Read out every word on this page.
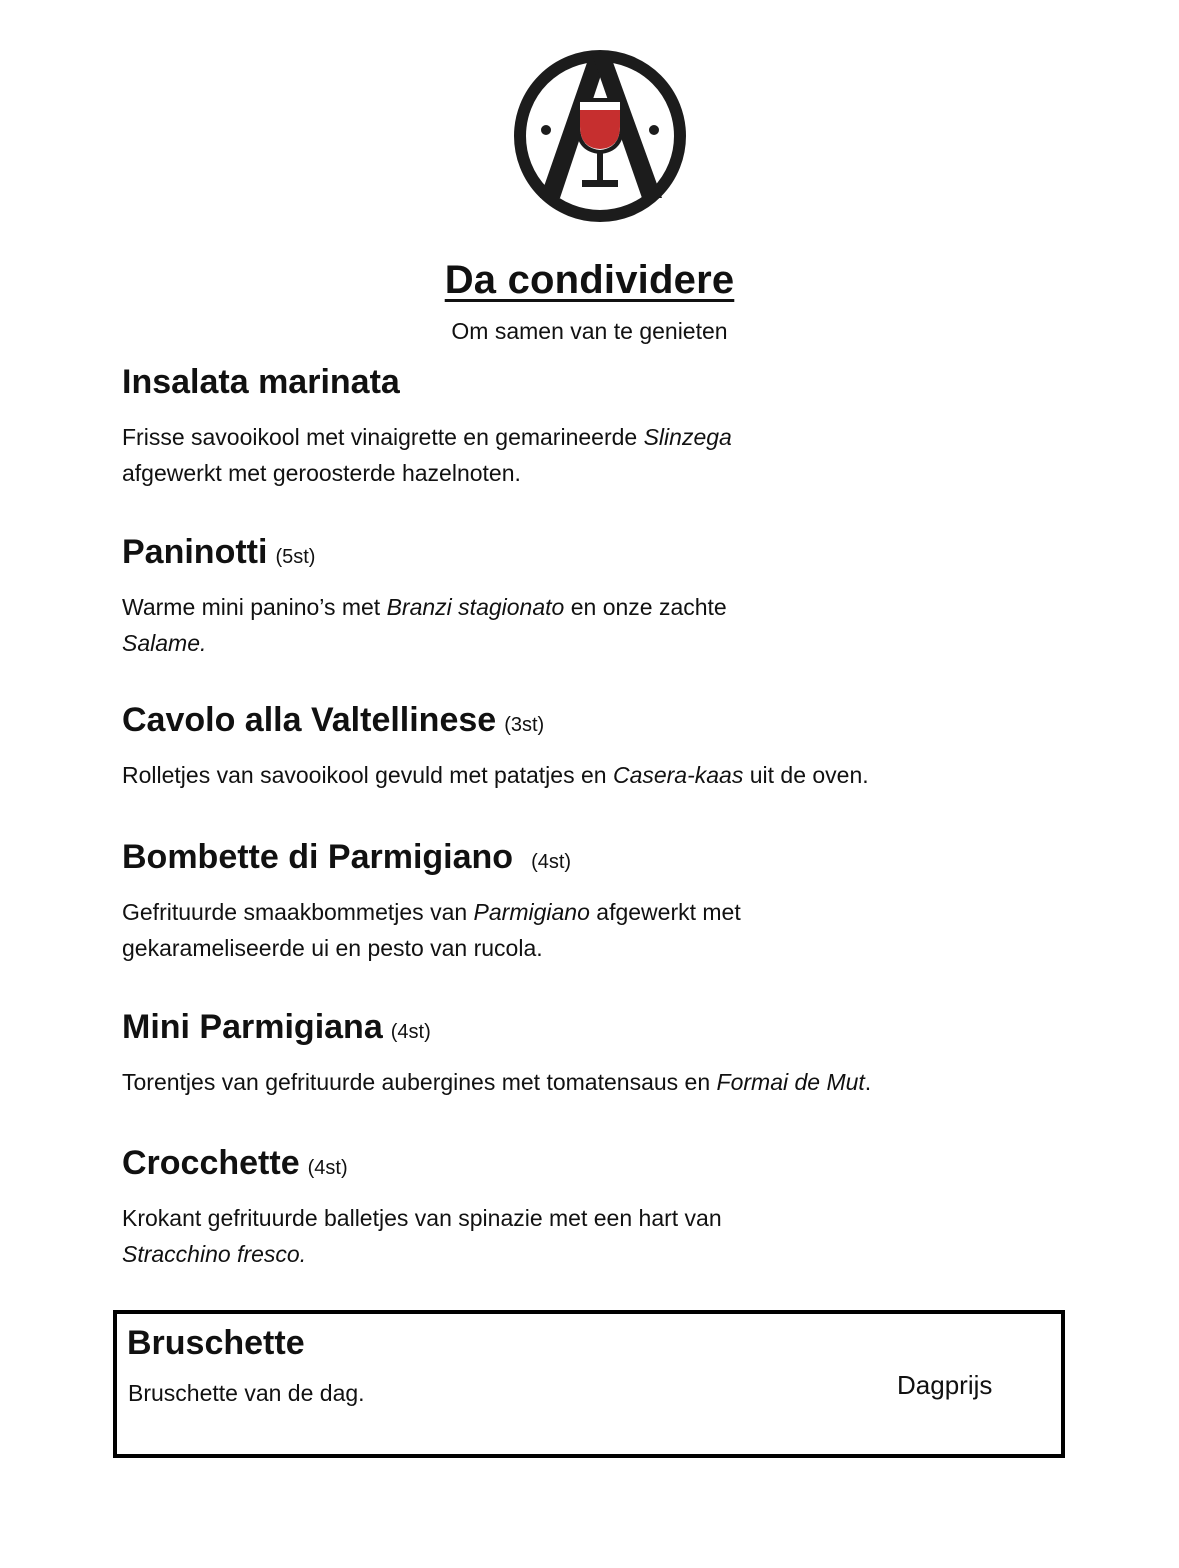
Da condividere
Om samen van te genieten
Insalata marinata
Frisse savooikool met vinaigrette en gemarineerde Slinzega
afgewerkt met geroosterde hazelnoten.
Paninotti (5st)
Warme mini panino’s met Branzi stagionato en onze zachte
Salame.
Cavolo alla Valtellinese (3st)
Rolletjes van savooikool gevuld met patatjes en Casera-kaas uit de oven.
Bombette di Parmigiano (4st)
Gefrituurde smaakbommetjes van Parmigiano afgewerkt met
gekarameliseerde ui en pesto van rucola.
Mini Parmigiana (4st)
Torentjes van gefrituurde aubergines met tomatensaus en Formai de Mut.
Crocchette (4st)
Krokant gefrituurde balletjes van spinazie met een hart van
Stracchino fresco.
Bruschette
Bruschette van de dag.	Dagprijs
